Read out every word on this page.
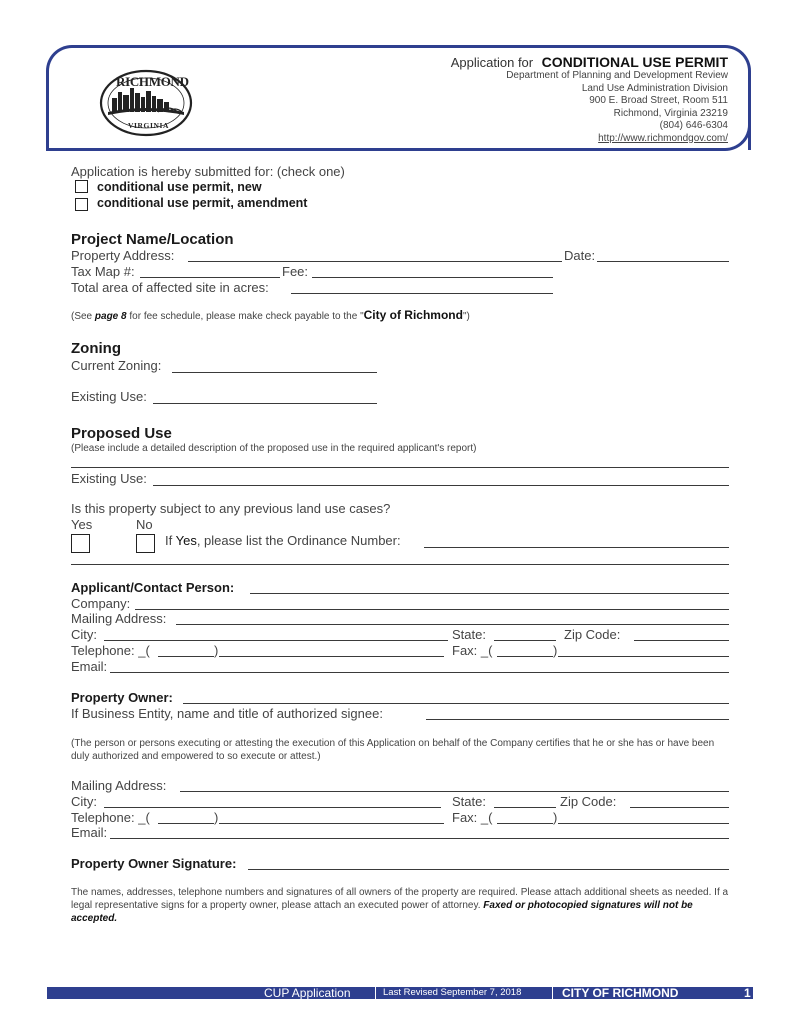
RICHMOND
VIRGINIA
Application for CONDITIONAL USE PERMIT
Department of Planning and Development Review
Land Use Administration Division
900 E. Broad Street, Room 511
Richmond, Virginia 23219
(804) 646-6304
http://www.richmondgov.com/
Application is hereby submitted for: (check one)
conditional use permit, new
conditional use permit, amendment
Project Name/Location
Property Address:	Date:
Tax Map #:	Fee:
Total area of affected site in acres:
(See page 8 for fee schedule, please make check payable to the "City of Richmond")
Zoning
Current Zoning:
Existing Use:
Proposed Use
(Please include a detailed description of the proposed use in the required applicant's report)
Existing Use:
Is this property subject to any previous land use cases?
Yes	No
If Yes, please list the Ordinance Number:
Applicant/Contact Person:
Company:
Mailing Address:
City:	State:	Zip Code:
Telephone: _(	)	Fax: _(	)
Email:
Property Owner:
If Business Entity, name and title of authorized signee:
(The person or persons executing or attesting the execution of this Application on behalf of the Company certifies that he or she has or have been duly authorized and empowered to so execute or attest.)
Mailing Address:
City:	State:	Zip Code:
Telephone: _(	)	Fax: _(	)
Email:
Property Owner Signature:
The names, addresses, telephone numbers and signatures of all owners of the property are required. Please attach additional sheets as needed. If a legal representative signs for a property owner, please attach an executed power of attorney. Faxed or photocopied signatures will not be accepted.
CUP Application	Last Revised September 7, 2018	CITY OF RICHMOND	1
